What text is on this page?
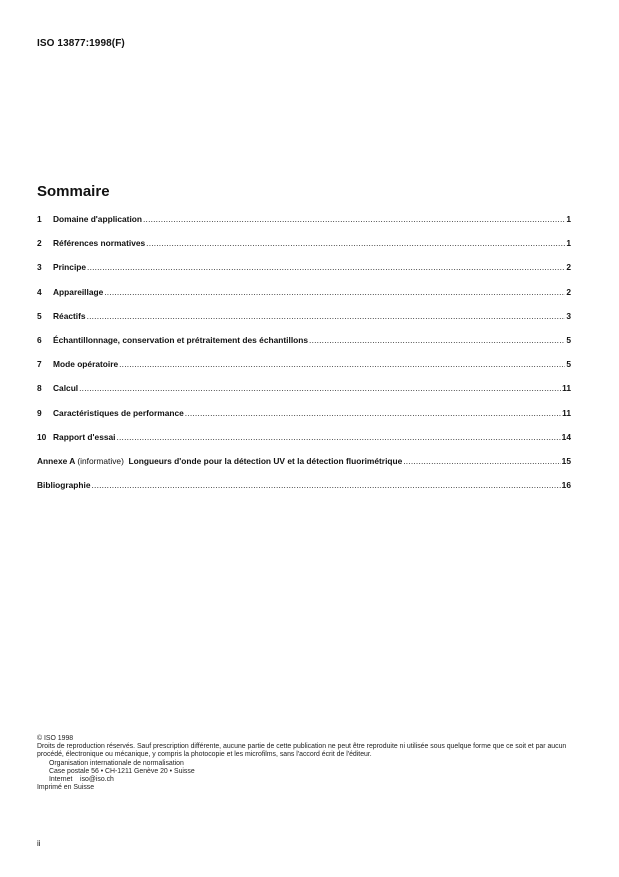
ISO 13877:1998(F)
Sommaire
1	Domaine d'application .....	1
2	Références normatives .....	1
3	Principe .....	2
4	Appareillage .....	2
5	Réactifs .....	3
6	Échantillonnage, conservation et prétraitement des échantillons .....	5
7	Mode opératoire .....	5
8	Calcul .....	11
9	Caractéristiques de performance .....	11
10 Rapport d'essai .....	14
Annexe A (informative) Longueurs d'onde pour la détection UV et la détection fluorimétrique .....	15
Bibliographie .....	16
© ISO 1998
Droits de reproduction réservés. Sauf prescription différente, aucune partie de cette publication ne peut être reproduite ni utilisée sous quelque forme que ce soit et par aucun procédé, électronique ou mécanique, y compris la photocopie et les microfilms, sans l'accord écrit de l'éditeur.
Organisation internationale de normalisation
Case postale 56 • CH-1211 Genève 20 • Suisse
Internet iso@iso.ch
Imprimé en Suisse
ii
